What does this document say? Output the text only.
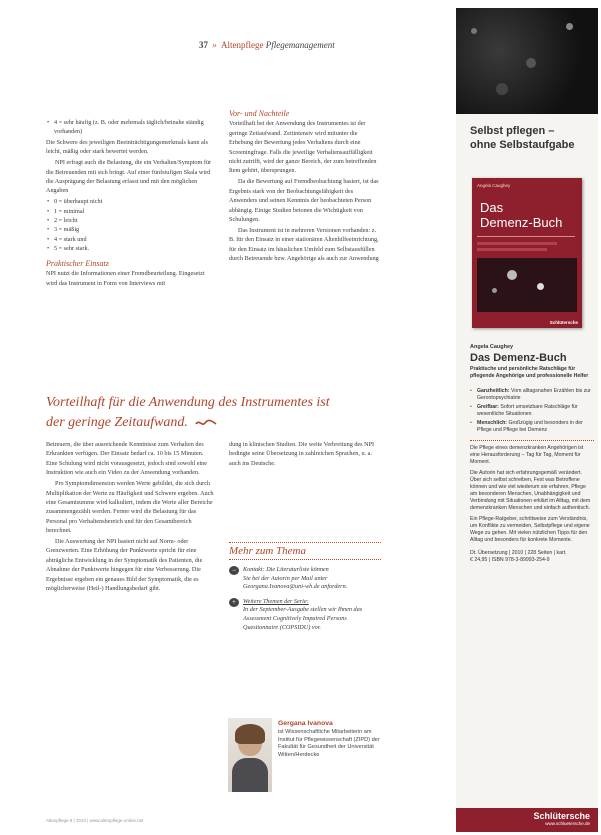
37 » Altenpflege Pflegemanagement
• 4 = sehr häufig (z. B. oder mehrmals täglich/beinahe ständig vorhanden)

Die Schwere des jeweiligen Beeinträchtigungsmerkmals kann als leicht, mäßig oder stark bewertet werden.

NPI erfragt auch die Belastung, die ein Verhalten/Symptom für die Betreuenden mit sich bringt. Auf einer fünfstufigen Skala wird die Ausprägung der Belastung erfasst und mit den möglichen Angaben

• 0 = überhaupt nicht
• 1 = minimal
• 2 = leicht
• 3 = mäßig
• 4 = stark und
• 5 = sehr stark.
Praktischer Einsatz

NPI nutzt die Informationen einer Fremdbeurteilung. Eingesetzt wird das Instrument in Form von Interviews mit

Vor- und Nachteile

Vorteilhaft bei der Anwendung des Instrumentes ist der geringe Zeitaufwand. Zeitintensiv wird mitunter die Erhebung der Bewertung jedes Verhaltens durch eine Screeningfrage. Falls die jeweilige Verhaltensauffälligkeit nicht zutrifft, wird der ganze Bereich, der zum betreffenden Item gehört, übersprungen.

Da die Bewertung auf Fremdbeobachtung basiert, ist das Ergebnis stark von der Beobachtungsfähigkeit des Anwenders und seinen Kenntnis der beobachteten Person abhängig. Einige Studien betonen die Wichtigkeit von Schulungen.

Das Instrument ist in mehreren Versionen vorhanden: z. B. für den Einsatz in einer stationären Altenhilfeeinrichtung, für den Einsatz im häuslichen Umfeld zum Selbstausfüllen durch Betreuende bzw. Angehörige als auch zur Anwendung

Vorteilhaft für die Anwendung des Instrumentes ist
der geringe Zeitaufwand.

Betreuern, die über ausreichende Kenntnisse zum Verhalten des Erkrankten verfügen. Der Einsatz bedarf ca. 10 bis 15 Minuten. Eine Schulung wird nicht vorausgesetzt, jedoch sind sowohl eine Instruktion wie auch ein Video zu der Anwendung vorhanden.

Pro Symptomdimension werden Werte gebildet, die sich durch Multiplikation der Werte zu Häufigkeit und Schwere ergeben. Auch eine Gesamtsumme wird kalkuliert, indem die Werte aller Bereiche zusammengezählt werden. Ferner wird die Belastung für das Personal pro Verhaltensbereich und für den Gesamtbereich berechnet.

Die Auswertung der NPI basiert nicht auf Norm- oder Grenzwerten. Eine Erhöhung der Punktwerte spricht für eine abträgliche Entwicklung in der Symptomatik des Patienten, die Abnahme der Punktwerte hingegen für eine Verbesserung. Die Ergebnisse ergeben ein genaues Bild der Symptomatik, die es möglicherweise (Heil-) Handlungsbedarf gibt.

dung in klinischen Studien. Die weite Verbreitung des NPI bedingte seine Übersetzung in zahlreichen Sprachen, u. a. auch ins Deutsche.

Mehr zum Thema
→ Kontakt: Die Literaturliste können
Sie bei der Autorin per Mail unter Georgana.Ivanova@uni-wh.de anfordern.
+	Weitere Themen der Serie:
In der September-Ausgabe stellen wir Ihnen das Assessment Cognitively Impaired Persons Questionnaire (COPSIDU) vor.
Gergana Ivanova
ist Wissenschaftliche Mitarbeiterin am Institut für Pflegewissenschaft (ZIPD) der Fakultät für Gesundheit der Universität Witten/Herdecke
Altenpflege 8 | 2010 | www.altenpflege-online.net
Selbst pflegen –
ohne Selbstaufgabe
Angela Caughey
Das
Demenz-Buch
Schlütersche
Angela Caughey
Das Demenz-Buch
Praktische und persönliche Ratschläge für pflegende Angehörige und professionelle Helfer
• Ganzheitlich: Vom alltagsnahen Erzählen bis zur Gerontopsychiatrie
• Greifbar: Sofort umsetzbare Ratschläge für wesentliche Situationen
• Menschlich: Großzügig und besonders in der Pflege und Pflege bei Demenz
Die Pflege eines demenzkranken Angehörigen ist eine Herausforderung – Tag für Tag, Moment für Moment.
Die Autorin hat sich erfahrungsgemäß verändert. Über sich selbst schreiben, Fest was Betroffene können und wie viel wiederum sie erfahren, Pflege am besonderen Menschen, Unabhängigkeit und Verbindung mit Situationen erklärt im Alltag, mit dem demenzkranken Menschen und einfach authentisch.
Ein Pflege-Ratgeber, schrittweise zum Verständnis, um Konflikte zu vermeiden, Selbstpflege und eigene Wege zu gehen. Mit vielen nützlichen Tipps für den Alltag und besonders für konkrete Momente.
Dt. Übersetzung | 2010 | 228 Seiten | kart.
€ 24,95 | ISBN 978-3-89993-254-9
Schlütersche
www.schluetersche.de
